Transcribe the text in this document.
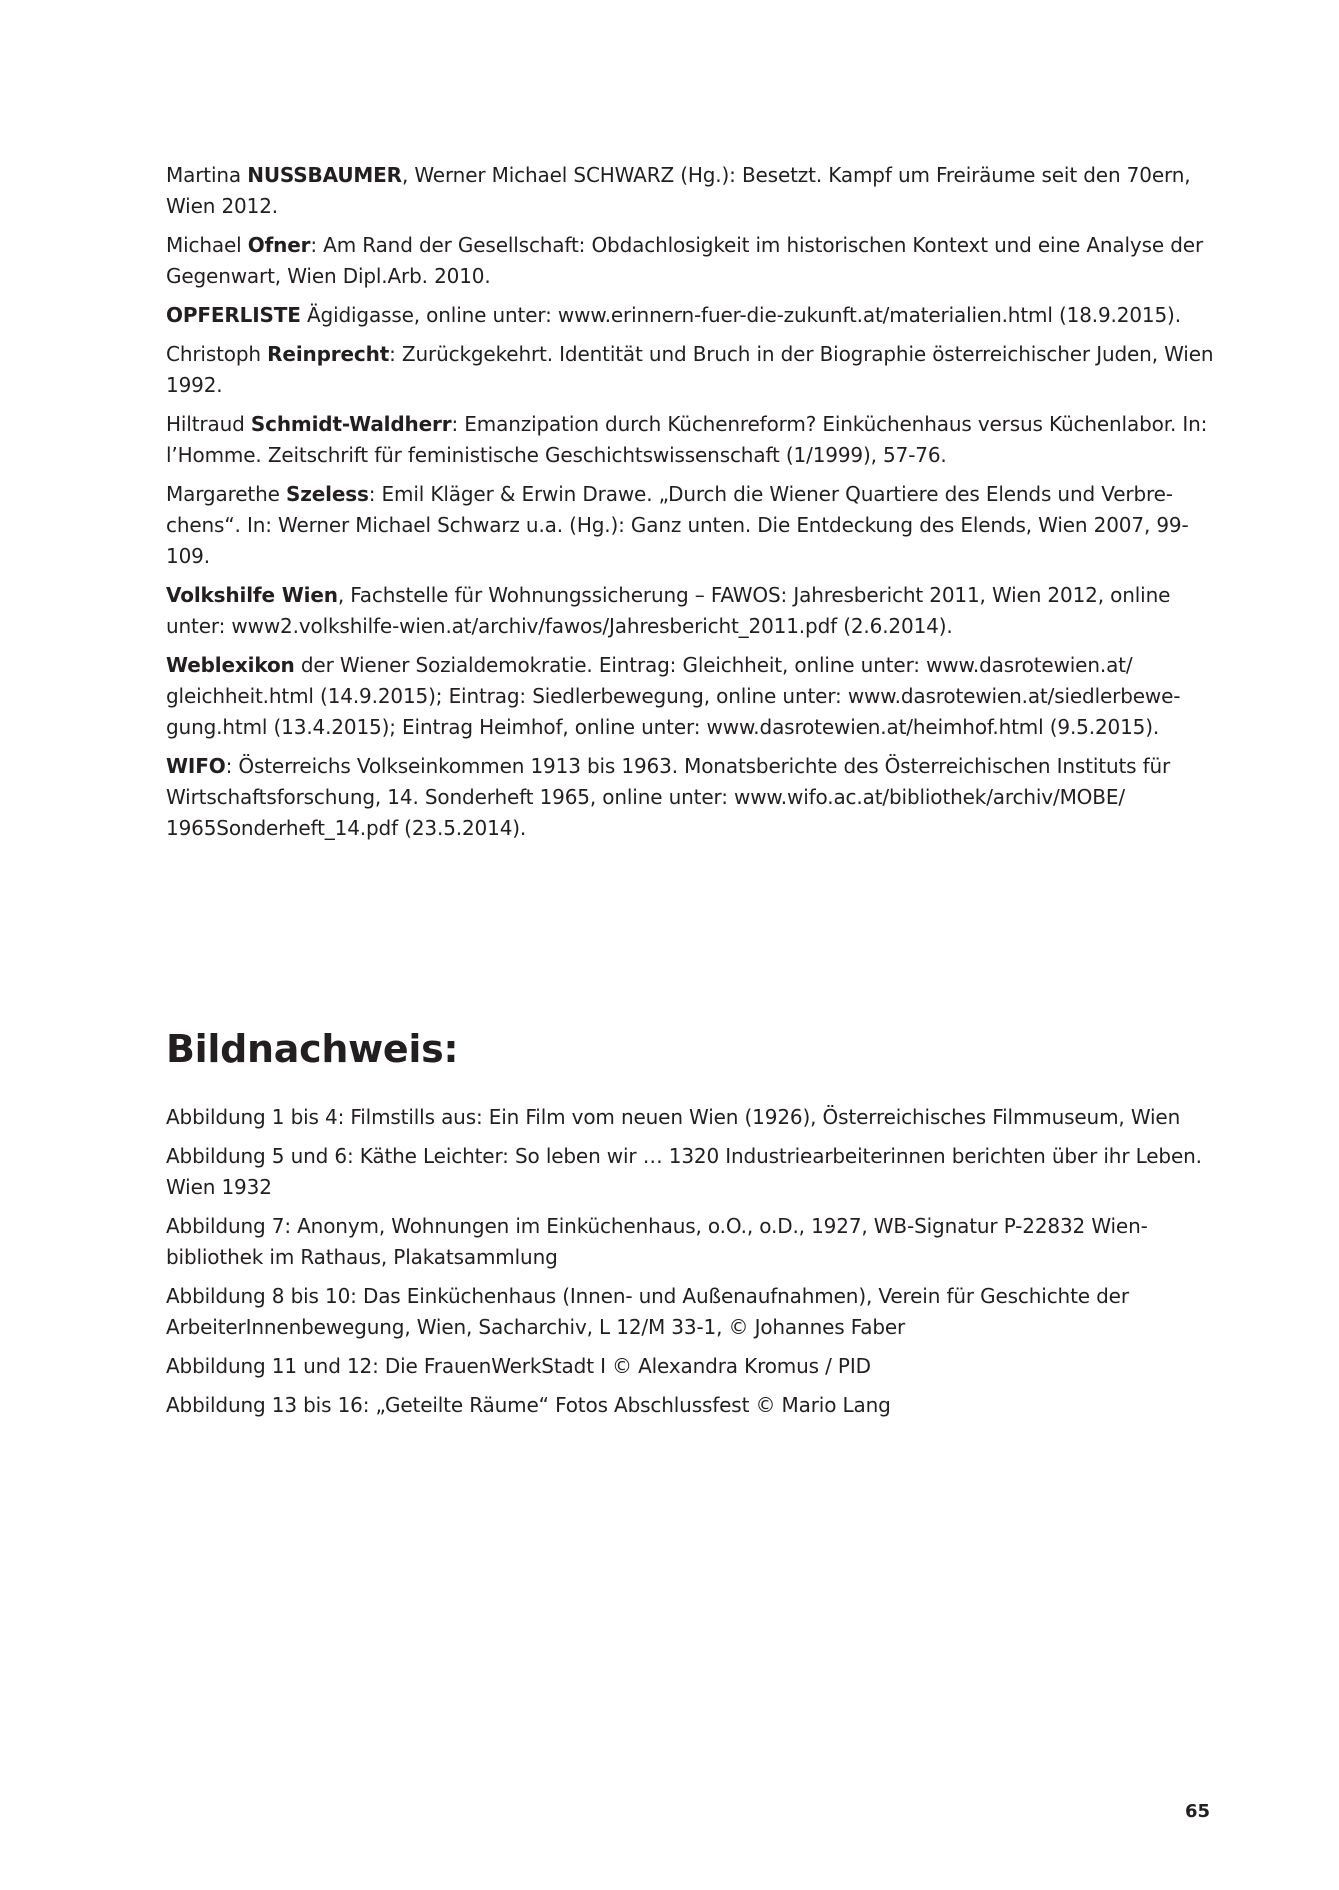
Martina NUSSBAUMER, Werner Michael SCHWARZ (Hg.): Besetzt. Kampf um Freiräume seit den 70ern, Wien 2012.

Michael Ofner: Am Rand der Gesellschaft: Obdachlosigkeit im historischen Kontext und eine Analyse der Gegenwart, Wien Dipl.Arb. 2010.

OPFERLISTE Ägidigasse, online unter: www.erinnern-fuer-die-zukunft.at/materialien.html (18.9.2015).

Christoph Reinprecht: Zurückgekehrt. Identität und Bruch in der Biographie österreichischer Juden, Wien 1992.

Hiltraud Schmidt-Waldherr: Emanzipation durch Küchenreform? Einküchenhaus versus Küchenlabor. In: l’Homme. Zeitschrift für feministische Geschichtswissenschaft (1/1999), 57-76.

Margarethe Szeless: Emil Kläger & Erwin Drawe. „Durch die Wiener Quartiere des Elends und Verbre-chens“. In: Werner Michael Schwarz u.a. (Hg.): Ganz unten. Die Entdeckung des Elends, Wien 2007, 99-109.

Volkshilfe Wien, Fachstelle für Wohnungssicherung – FAWOS: Jahresbericht 2011, Wien 2012, online unter: www2.volkshilfe-wien.at/archiv/fawos/Jahresbericht_2011.pdf (2.6.2014).

Weblexikon der Wiener Sozialdemokratie. Eintrag: Gleichheit, online unter: www.dasrotewien.at/ gleichheit.html (14.9.2015); Eintrag: Siedlerbewegung, online unter: www.dasrotewien.at/siedlerbewe-gung.html (13.4.2015); Eintrag Heimhof, online unter: www.dasrotewien.at/heimhof.html (9.5.2015).

WIFO: Österreichs Volkseinkommen 1913 bis 1963. Monatsberichte des Österreichischen Instituts für Wirtschaftsforschung, 14. Sonderheft 1965, online unter: www.wifo.ac.at/bibliothek/archiv/MOBE/ 1965Sonderheft_14.pdf (23.5.2014).

Bildnachweis:

Abbildung 1 bis 4: Filmstills aus: Ein Film vom neuen Wien (1926), Österreichisches Filmmuseum, Wien

Abbildung 5 und 6: Käthe Leichter: So leben wir … 1320 Industriearbeiterinnen berichten über ihr Leben. Wien 1932

Abbildung 7: Anonym, Wohnungen im Einküchenhaus, o.O., o.D., 1927, WB-Signatur P-22832 Wien-bibliothek im Rathaus, Plakatsammlung

Abbildung 8 bis 10: Das Einküchenhaus (Innen- und Außenaufnahmen), Verein für Geschichte der ArbeiterInnenbewegung, Wien, Sacharchiv, L 12/M 33-1, © Johannes Faber

Abbildung 11 und 12: Die FrauenWerkStadt I © Alexandra Kromus / PID

Abbildung 13 bis 16: „Geteilte Räume“ Fotos Abschlussfest © Mario Lang

65
